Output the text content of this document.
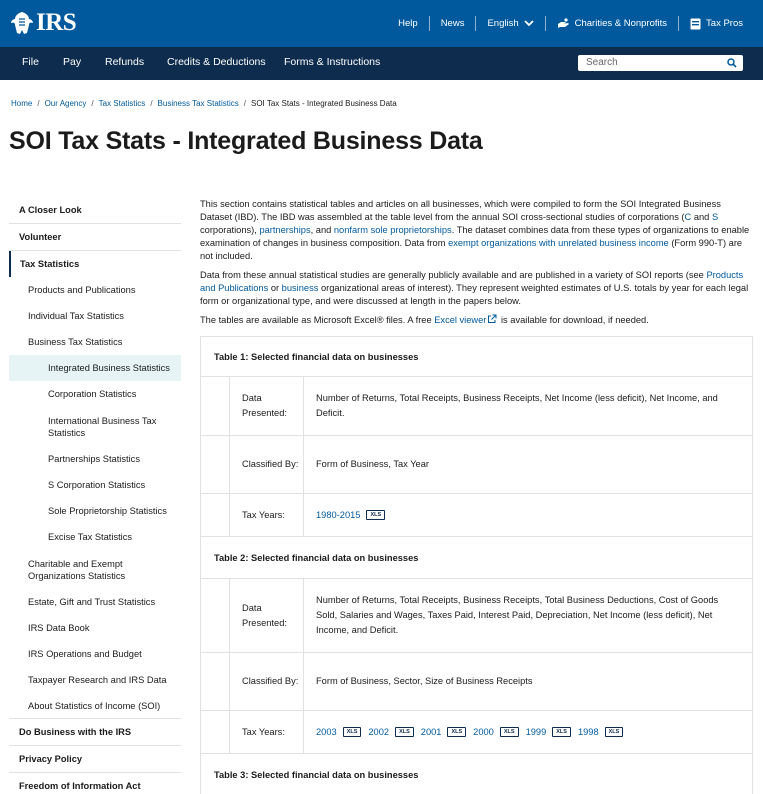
IRS	Help News English	Charities & Nonprofits	Tax Pros
File Pay Refunds Credits & Deductions Forms & Instructions	Search
Home / Our Agency / Tax Statistics / Business Tax Statistics / SOI Tax Stats - Integrated Business Data
SOI Tax Stats - Integrated Business Data
A Closer Look
Volunteer
Tax Statistics
Products and Publications
Individual Tax Statistics
Business Tax Statistics
Integrated Business Statistics
Corporation Statistics
International Business Tax Statistics
Partnerships Statistics
S Corporation Statistics
Sole Proprietorship Statistics
Excise Tax Statistics
Charitable and Exempt Organizations Statistics
Estate, Gift and Trust Statistics
IRS Data Book
IRS Operations and Budget
Taxpayer Research and IRS Data
About Statistics of Income (SOI)
Do Business with the IRS
Privacy Policy
Freedom of Information Act

This section contains statistical tables and articles on all businesses, which were compiled to form the SOI Integrated Business Dataset (IBD). The IBD was assembled at the table level from the annual SOI cross-sectional studies of corporations (C and S corporations), partnerships, and nonfarm sole proprietorships. The dataset combines data from these types of organizations to enable examination of changes in business composition. Data from exempt organizations with unrelated business income (Form 990-T) are not included.

Data from these annual statistical studies are generally publicly available and are published in a variety of SOI reports (see Products and Publications or business organizational areas of interest). They represent weighted estimates of U.S. totals by year for each legal form or organizational type, and were discussed at length in the papers below.

The tables are available as Microsoft Excel® files. A free Excel viewer is available for download, if needed.

Table 1: Selected financial data on businesses
Data Presented:
Number of Returns, Total Receipts, Business Receipts, Net Income (less deficit), Net Income, and Deficit.
Classified By:	Form of Business, Tax Year
Tax Years:	1980-2015	XLS
Table 2: Selected financial data on businesses
Data Presented:
Number of Returns, Total Receipts, Business Receipts, Total Business Deductions, Cost of Goods Sold, Salaries and Wages, Taxes Paid, Interest Paid, Depreciation, Net Income (less deficit), Net Income, and Deficit.
Classified By:	Form of Business, Sector, Size of Business Receipts
Tax Years:	2003	XLS	2002	XLS	2001	XLS	2000	XLS	1999	XLS	1998	XLS
Table 3: Selected financial data on businesses
